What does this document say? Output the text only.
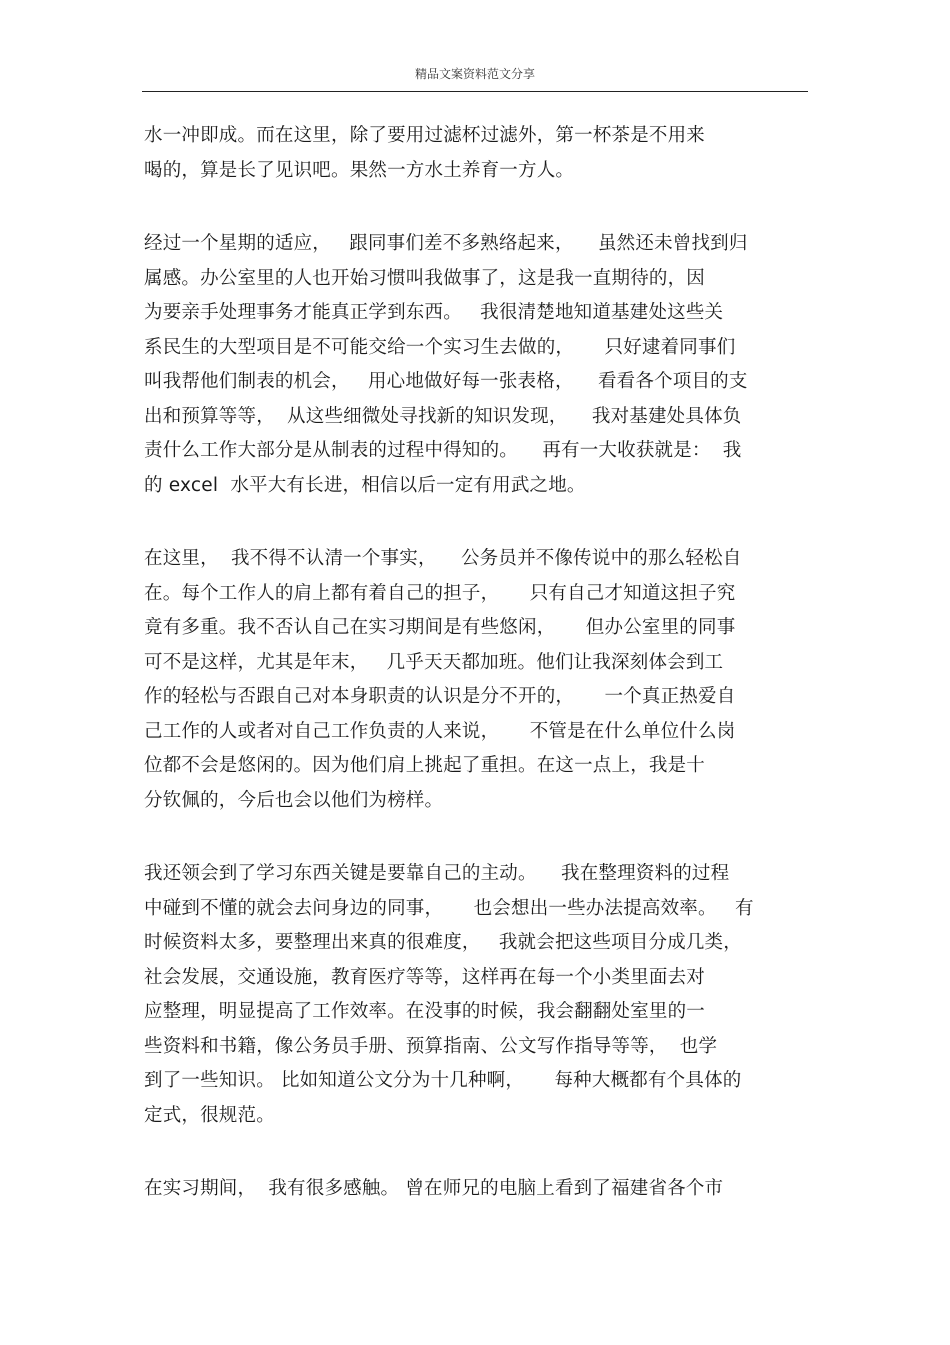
精品文案资料范文分享
水一冲即成。而在这里，除了要用过滤杯过滤外，第一杯茶是不用来
喝的，算是长了见识吧。果然一方水土养育一方人。
经过一个星期的适应，   跟同事们差不多熟络起来，    虽然还未曾找到归
属感。办公室里的人也开始习惯叫我做事了，这是我一直期待的，因
为要亲手处理事务才能真正学到东西。   我很清楚地知道基建处这些关
系民生的大型项目是不可能交给一个实习生去做的，     只好逮着同事们
叫我帮他们制表的机会，   用心地做好每一张表格，    看看各个项目的支
出和预算等等，  从这些细微处寻找新的知识发现，    我对基建处具体负
责什么工作大部分是从制表的过程中得知的。    再有一大收获就是：  我
的 excel  水平大有长进，相信以后一定有用武之地。
在这里，  我不得不认清一个事实，    公务员并不像传说中的那么轻松自
在。每个工作人的肩上都有着自己的担子，     只有自己才知道这担子究
竟有多重。我不否认自己在实习期间是有些悠闲，     但办公室里的同事
可不是这样，尤其是年末，   几乎天天都加班。他们让我深刻体会到工
作的轻松与否跟自己对本身职责的认识是分不开的，     一个真正热爱自
己工作的人或者对自己工作负责的人来说，     不管是在什么单位什么岗
位都不会是悠闲的。因为他们肩上挑起了重担。在这一点上，我是十
分钦佩的，今后也会以他们为榜样。
我还领会到了学习东西关键是要靠自己的主动。    我在整理资料的过程
中碰到不懂的就会去问身边的同事，     也会想出一些办法提高效率。   有
时候资料太多，要整理出来真的很难度，   我就会把这些项目分成几类，
社会发展，交通设施，教育医疗等等，这样再在每一个小类里面去对
应整理，明显提高了工作效率。在没事的时候，我会翻翻处室里的一
些资料和书籍，像公务员手册、预算指南、公文写作指导等等，  也学
到了一些知识。 比如知道公文分为十几种啊，     每种大概都有个具体的
定式，很规范。
在实习期间，  我有很多感触。 曾在师兄的电脑上看到了福建省各个市
